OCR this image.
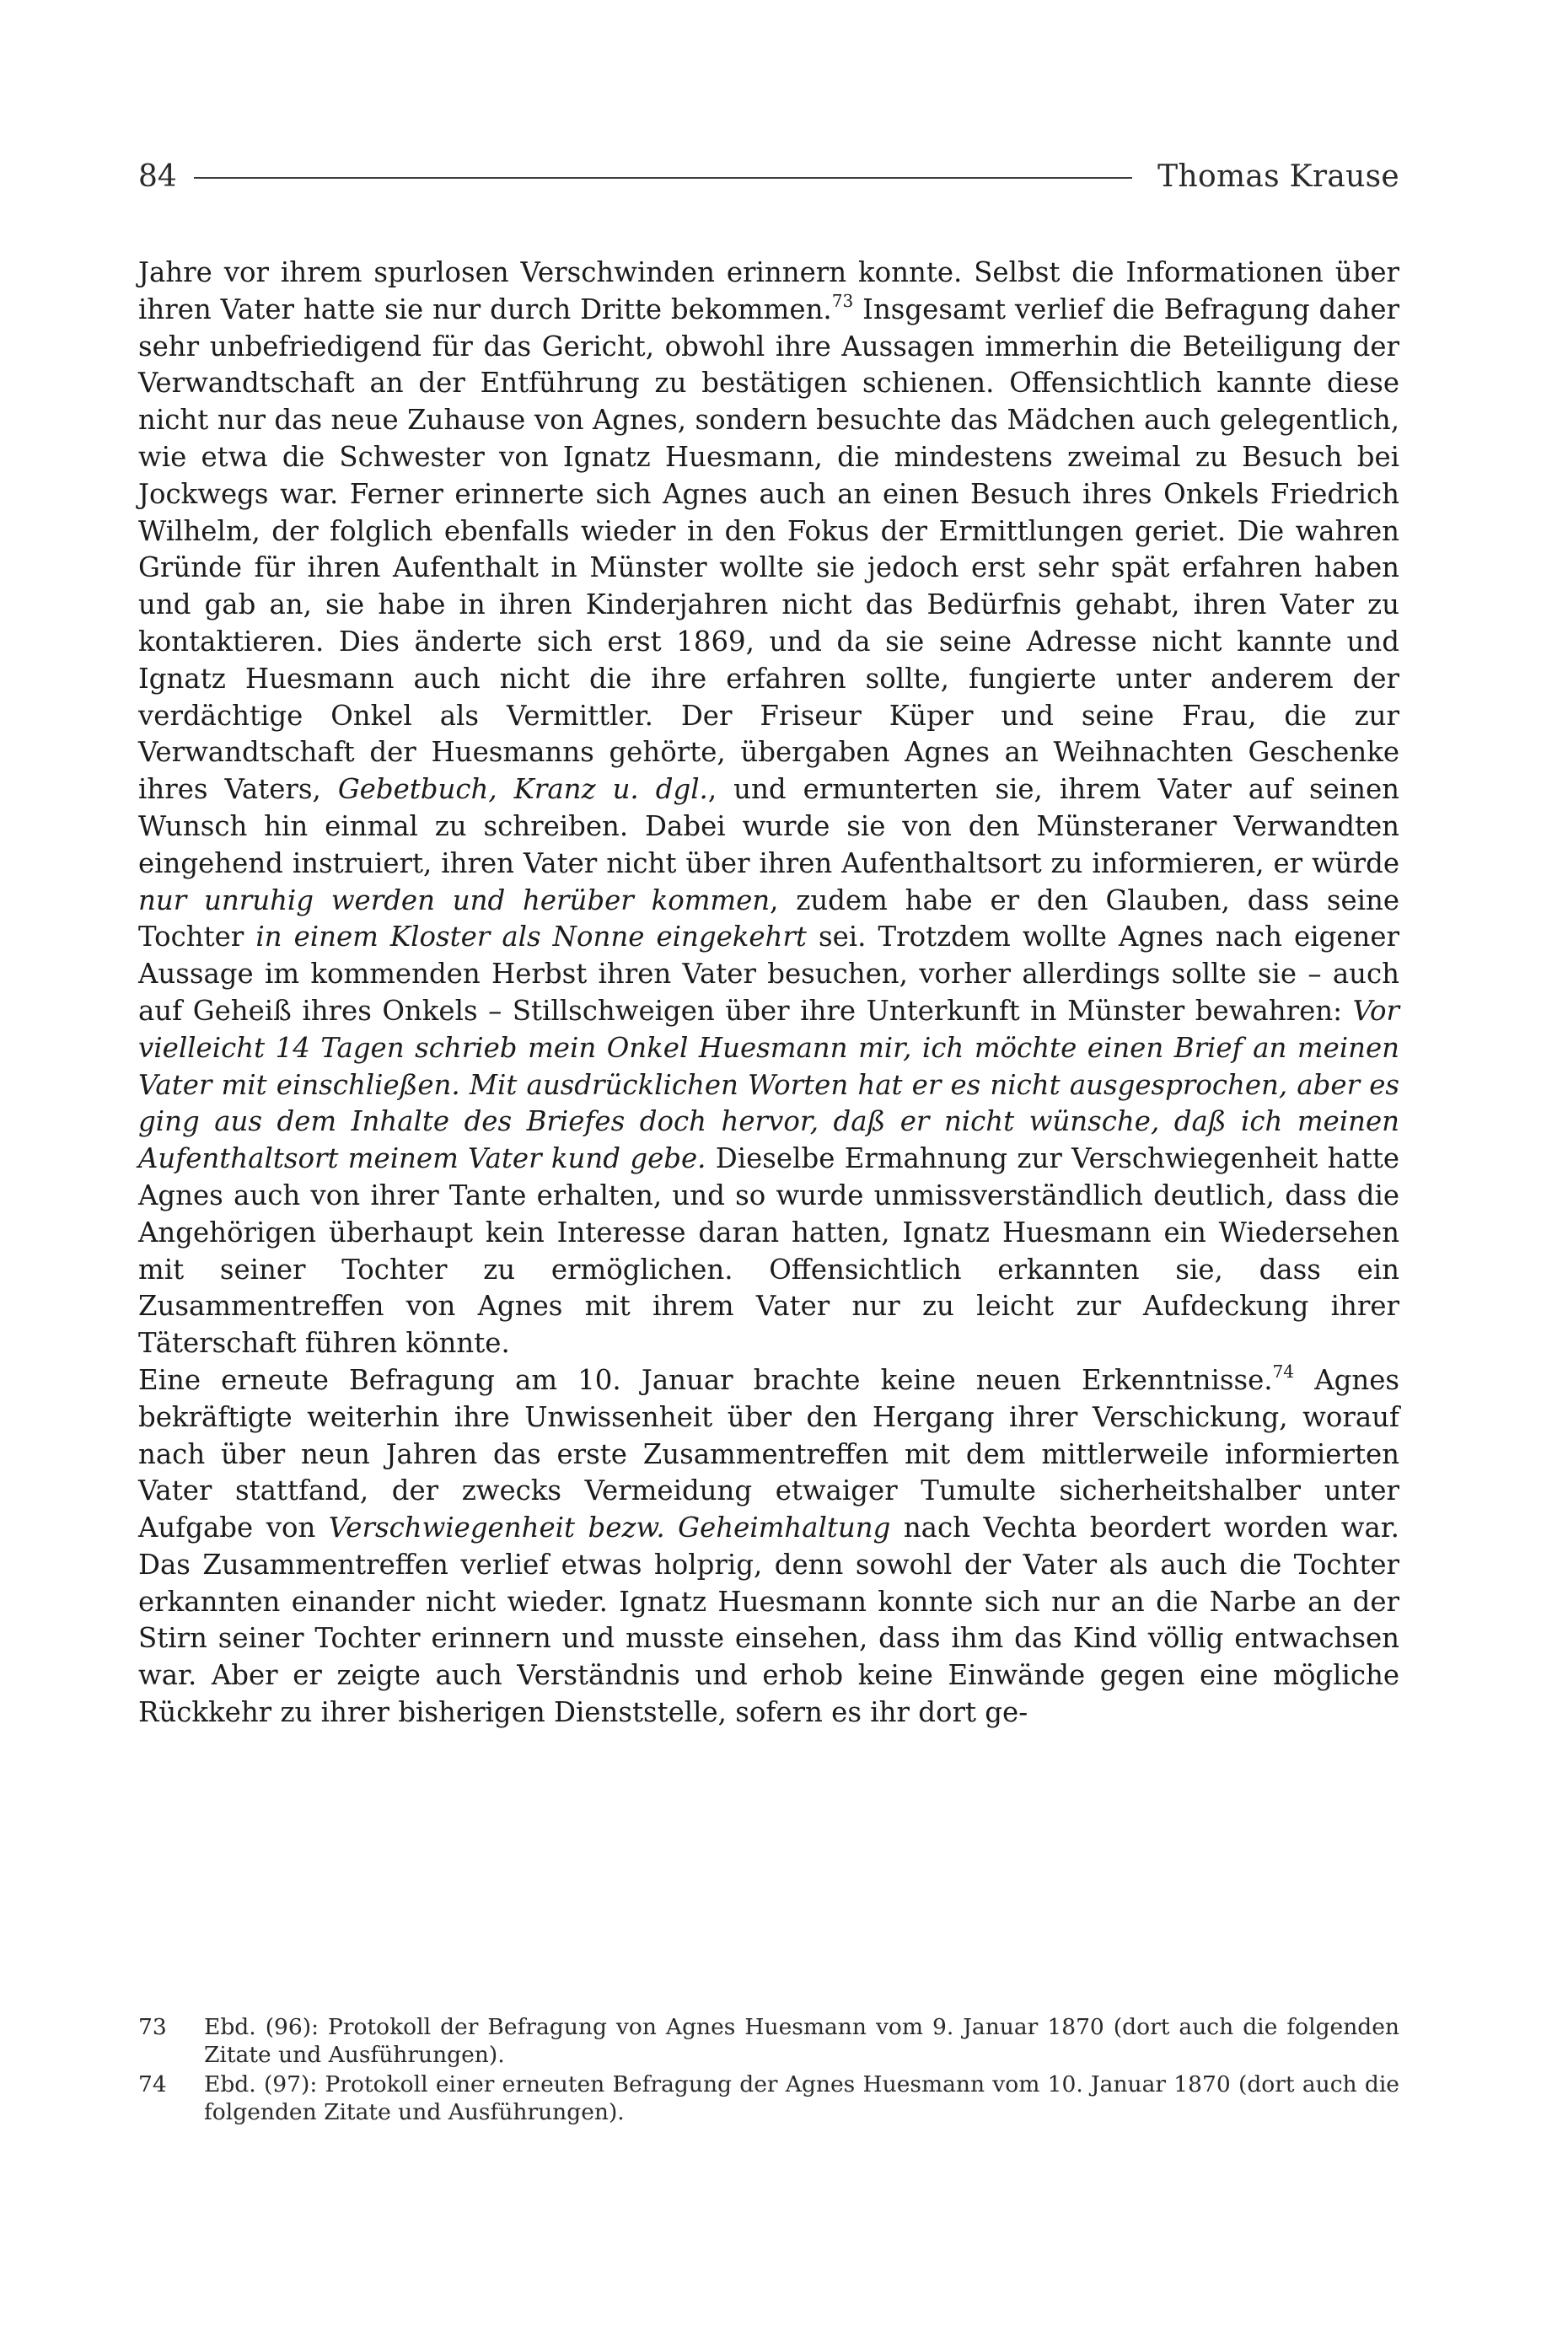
84	Thomas Krause

Jahre vor ihrem spurlosen Verschwinden erinnern konnte. Selbst die Informationen über ihren Vater hatte sie nur durch Dritte bekommen.$^{73}$ Insgesamt verlief die Befragung daher sehr unbefriedigend für das Gericht, obwohl ihre Aussagen immerhin die Beteiligung der Verwandtschaft an der Entführung zu bestätigen schienen. Offensichtlich kannte diese nicht nur das neue Zuhause von Agnes, sondern besuchte das Mädchen auch gelegentlich, wie etwa die Schwester von Ignatz Huesmann, die mindestens zweimal zu Besuch bei Jockwegs war. Ferner erinnerte sich Agnes auch an einen Besuch ihres Onkels Friedrich Wilhelm, der folglich ebenfalls wieder in den Fokus der Ermittlungen geriet. Die wahren Gründe für ihren Aufenthalt in Münster wollte sie jedoch erst sehr spät erfahren haben und gab an, sie habe in ihren Kinderjahren nicht das Bedürfnis gehabt, ihren Vater zu kontaktieren. Dies änderte sich erst 1869, und da sie seine Adresse nicht kannte und Ignatz Huesmann auch nicht die ihre erfahren sollte, fungierte unter anderem der verdächtige Onkel als Vermittler. Der Friseur Küper und seine Frau, die zur Verwandtschaft der Huesmanns gehörte, übergaben Agnes an Weihnachten Geschenke ihres Vaters, Gebetbuch, Kranz u. dgl., und ermunterten sie, ihrem Vater auf seinen Wunsch hin einmal zu schreiben. Dabei wurde sie von den Münsteraner Verwandten eingehend instruiert, ihren Vater nicht über ihren Aufenthaltsort zu informieren, er würde nur unruhig werden und herüber kommen, zudem habe er den Glauben, dass seine Tochter in einem Kloster als Nonne eingekehrt sei. Trotzdem wollte Agnes nach eigener Aussage im kommenden Herbst ihren Vater besuchen, vorher allerdings sollte sie – auch auf Geheiß ihres Onkels – Stillschweigen über ihre Unterkunft in Münster bewahren: Vor vielleicht 14 Tagen schrieb mein Onkel Huesmann mir, ich möchte einen Brief an meinen Vater mit einschließen. Mit ausdrücklichen Worten hat er es nicht ausgesprochen, aber es ging aus dem Inhalte des Briefes doch hervor, daß er nicht wünsche, daß ich meinen Aufenthaltsort meinem Vater kund gebe. Dieselbe Ermahnung zur Verschwiegenheit hatte Agnes auch von ihrer Tante erhalten, und so wurde unmissverständlich deutlich, dass die Angehörigen überhaupt kein Interesse daran hatten, Ignatz Huesmann ein Wiedersehen mit seiner Tochter zu ermöglichen. Offensichtlich erkannten sie, dass ein Zusammentreffen von Agnes mit ihrem Vater nur zu leicht zur Aufdeckung ihrer Täterschaft führen könnte.

Eine erneute Befragung am 10. Januar brachte keine neuen Erkenntnisse.$^{74}$ Agnes bekräftigte weiterhin ihre Unwissenheit über den Hergang ihrer Verschickung, worauf nach über neun Jahren das erste Zusammentreffen mit dem mittlerweile informierten Vater stattfand, der zwecks Vermeidung etwaiger Tumulte sicherheitshalber unter Aufgabe von Verschwiegenheit bezw. Geheimhaltung nach Vechta beordert worden war. Das Zusammentreffen verlief etwas holprig, denn sowohl der Vater als auch die Tochter erkannten einander nicht wieder. Ignatz Huesmann konnte sich nur an die Narbe an der Stirn seiner Tochter erinnern und musste einsehen, dass ihm das Kind völlig entwachsen war. Aber er zeigte auch Verständnis und erhob keine Einwände gegen eine mögliche Rückkehr zu ihrer bisherigen Dienststelle, sofern es ihr dort ge-

73	Ebd. (96): Protokoll der Befragung von Agnes Huesmann vom 9. Januar 1870 (dort auch die folgenden Zitate und Ausführungen).
74	Ebd. (97): Protokoll einer erneuten Befragung der Agnes Huesmann vom 10. Januar 1870 (dort auch die folgenden Zitate und Ausführungen).
